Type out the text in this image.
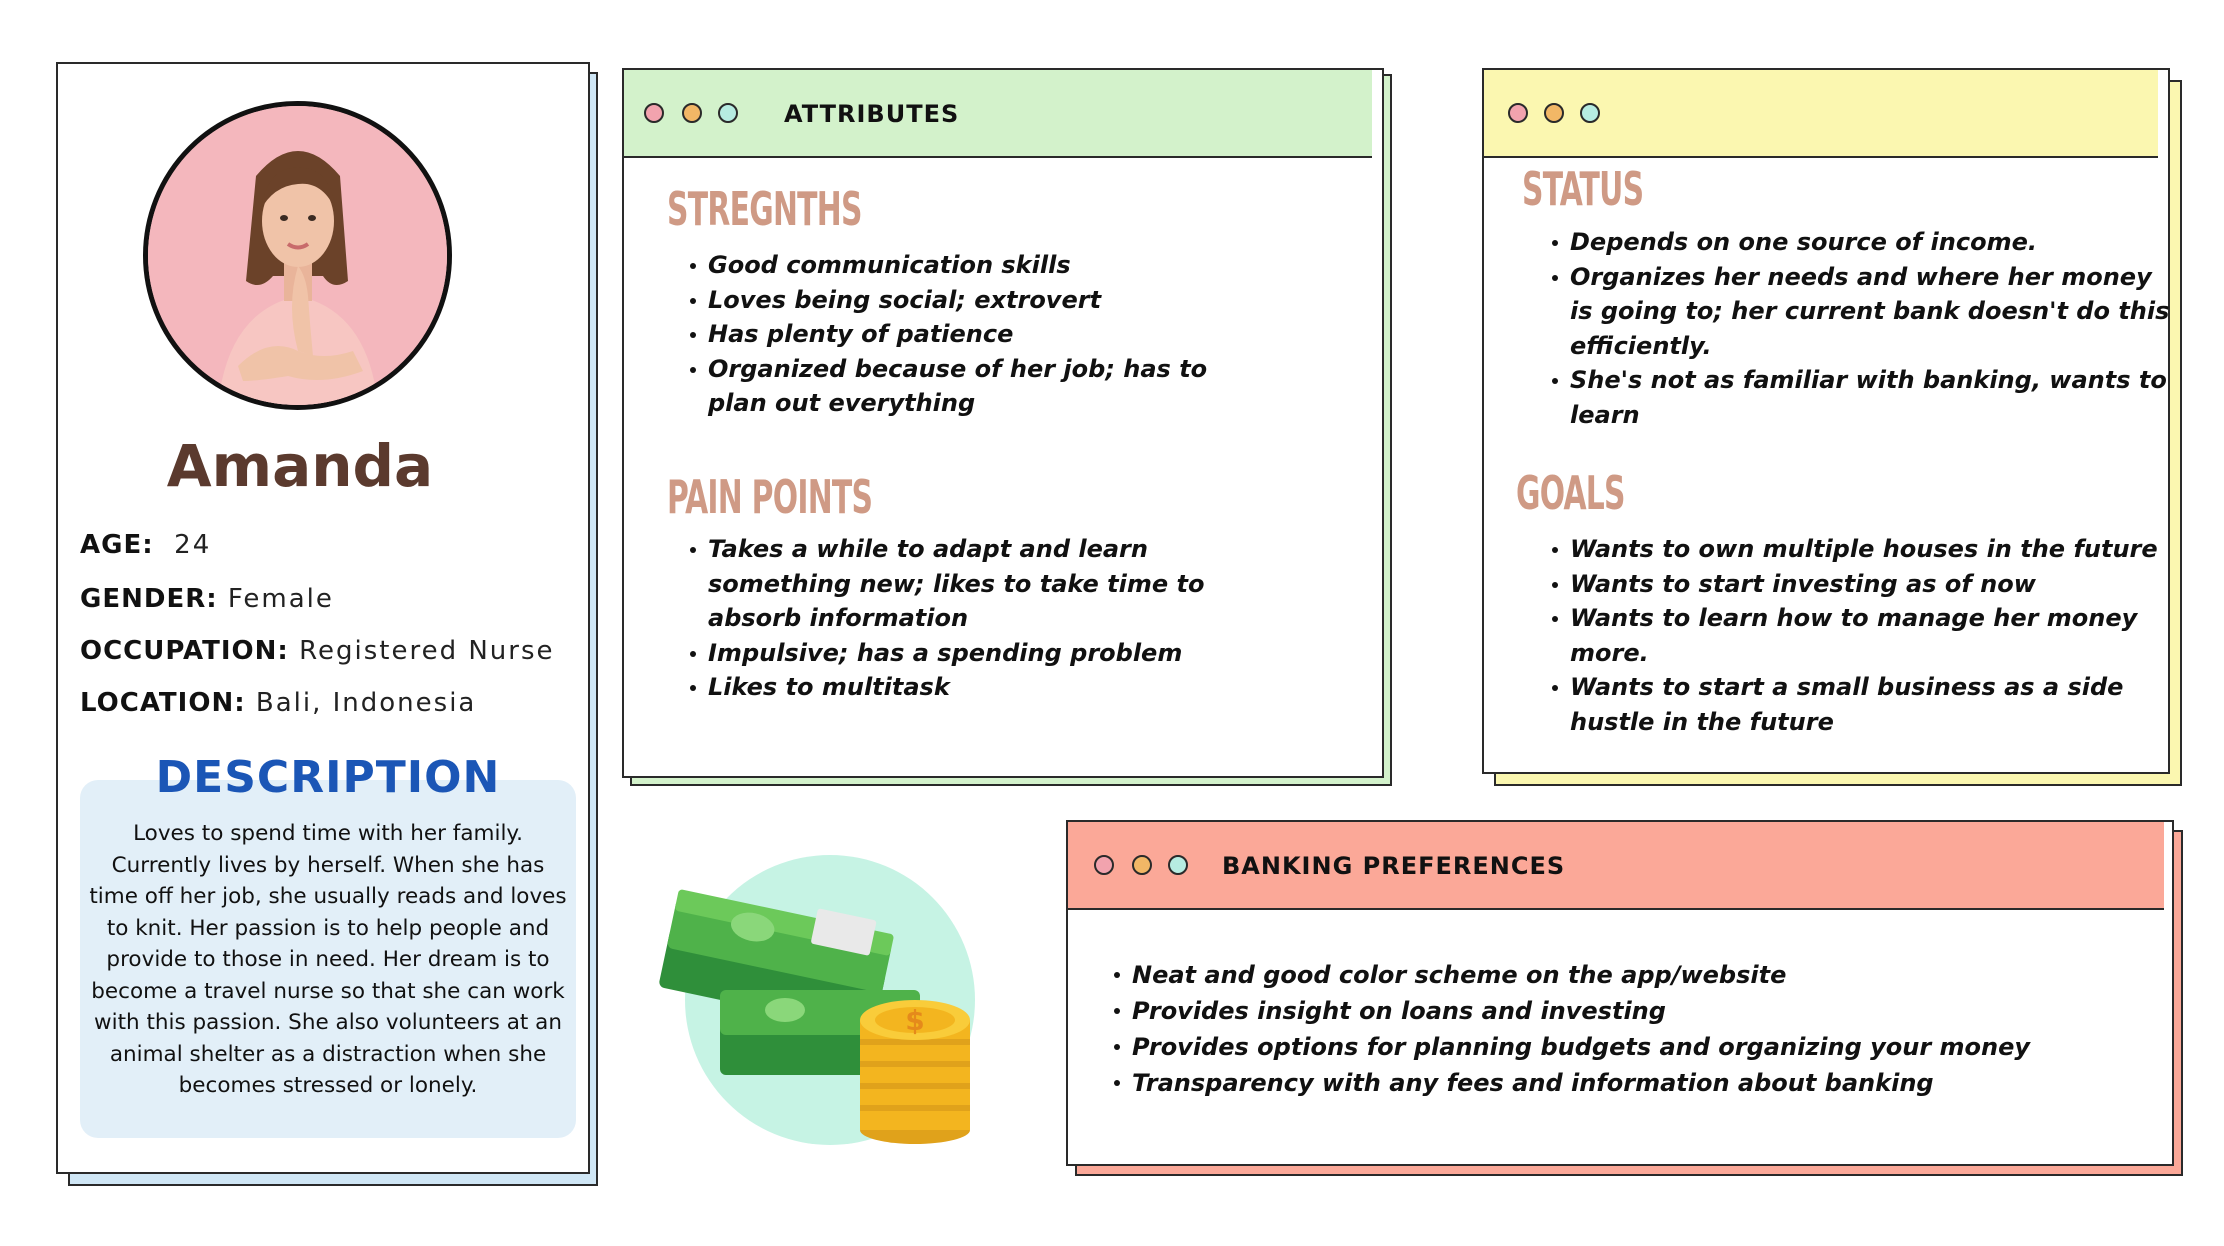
Amanda
AGE: 24
GENDER: Female
OCCUPATION: Registered Nurse
LOCATION: Bali, Indonesia
DESCRIPTION
Loves to spend time with her family. Currently lives by herself. When she has time off her job, she usually reads and loves to knit. Her passion is to help people and provide to those in need. Her dream is to become a travel nurse so that she can work with this passion. She also volunteers at an animal shelter as a distraction when she becomes stressed or lonely.
ATTRIBUTES
STREGNTHS
Good communication skills
Loves being social; extrovert
Has plenty of patience
Organized because of her job; has to plan out everything
PAIN POINTS
Takes a while to adapt and learn something new; likes to take time to absorb information
Impulsive; has a spending problem
Likes to multitask
STATUS
Depends on one source of income.
Organizes her needs and where her money is going to; her current bank doesn't do this efficiently.
She's not as familiar with banking, wants to learn
GOALS
Wants to own multiple houses in the future
Wants to start investing as of now
Wants to learn how to manage her money more.
Wants to start a small business as a side hustle in the future
$
BANKING PREFERENCES
Neat and good color scheme on the app/website
Provides insight on loans and investing
Provides options for planning budgets and organizing your money
Transparency with any fees and information about banking
